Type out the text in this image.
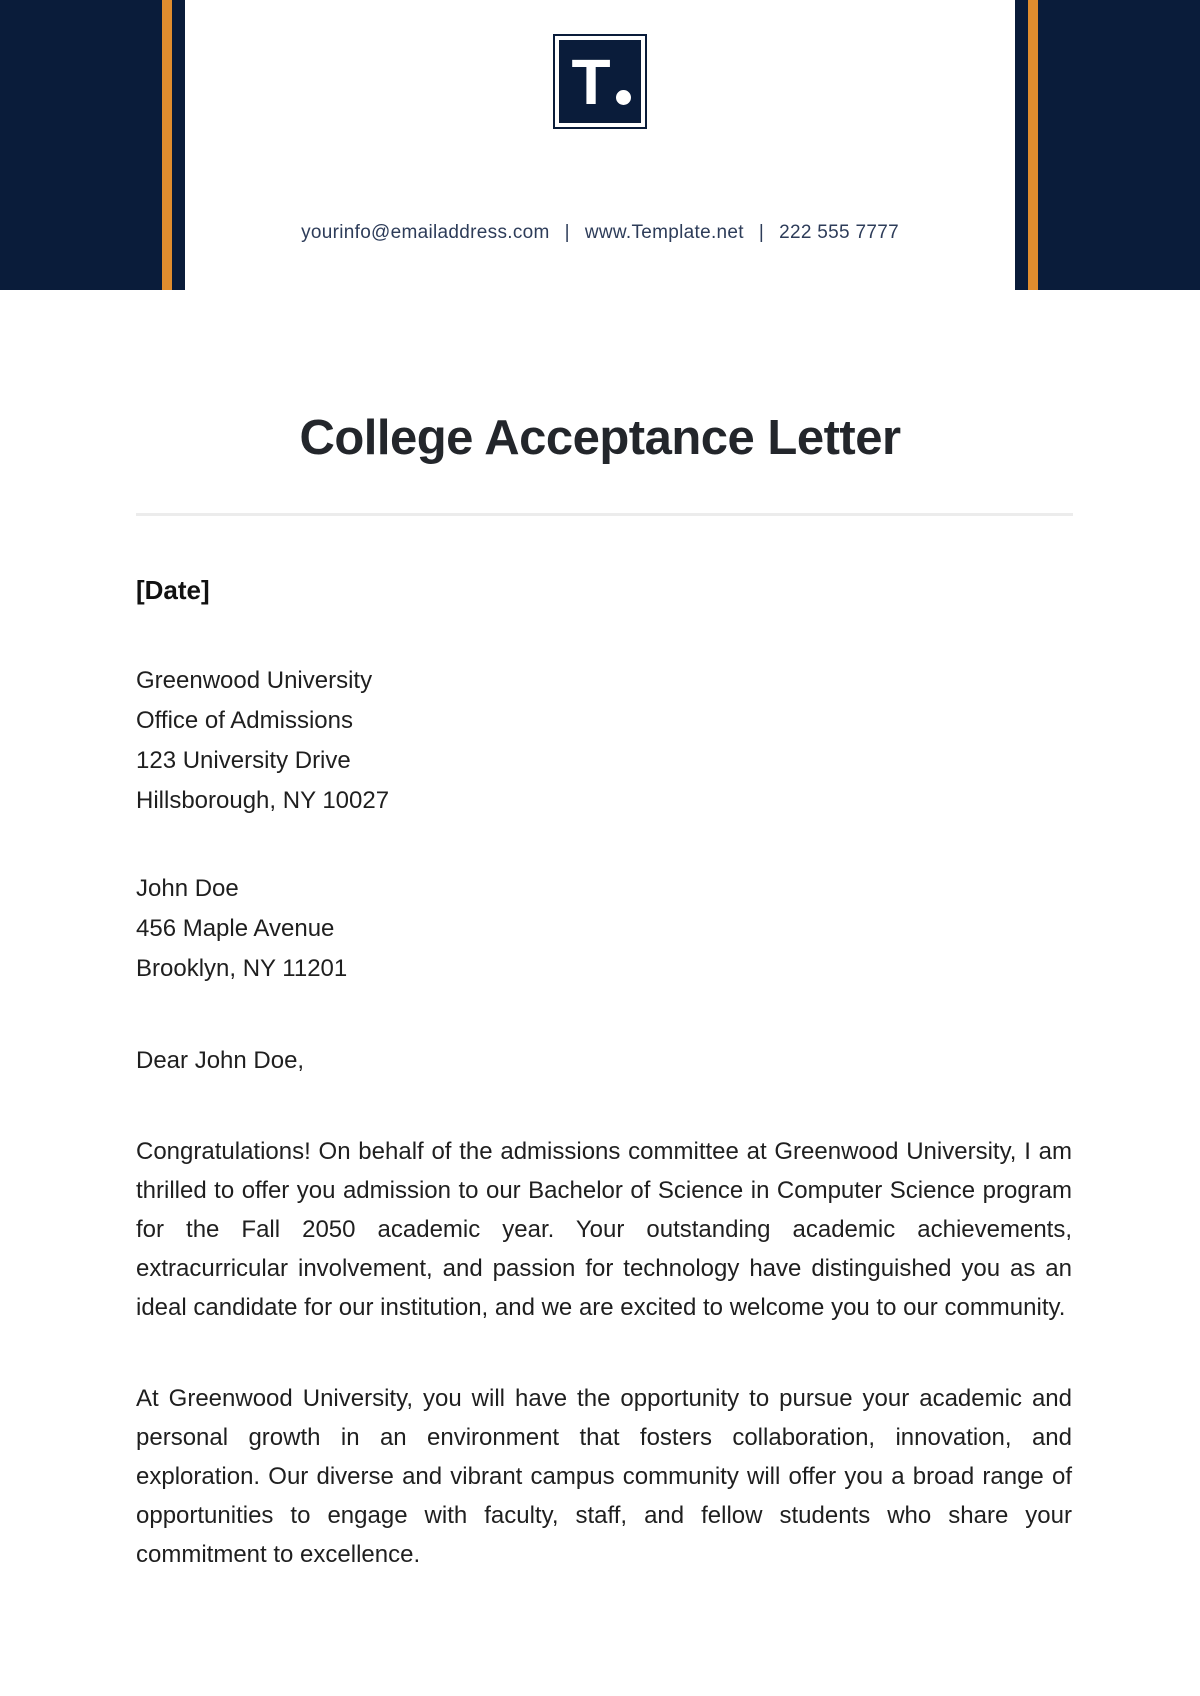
T
yourinfo@emailaddress.com | www.Template.net | 222 555 7777
College Acceptance Letter
[Date]
Greenwood University
Office of Admissions
123 University Drive
Hillsborough, NY 10027
John Doe
456 Maple Avenue
Brooklyn, NY 11201
Dear John Doe,
Congratulations! On behalf of the admissions committee at Greenwood University, I am
thrilled to offer you admission to our Bachelor of Science in Computer Science program
for the Fall 2050 academic year. Your outstanding academic achievements,
extracurricular involvement, and passion for technology have distinguished you as an
ideal candidate for our institution, and we are excited to welcome you to our community.
At Greenwood University, you will have the opportunity to pursue your academic and
personal growth in an environment that fosters collaboration, innovation, and
exploration. Our diverse and vibrant campus community will offer you a broad range of
opportunities to engage with faculty, staff, and fellow students who share your
commitment to excellence.
